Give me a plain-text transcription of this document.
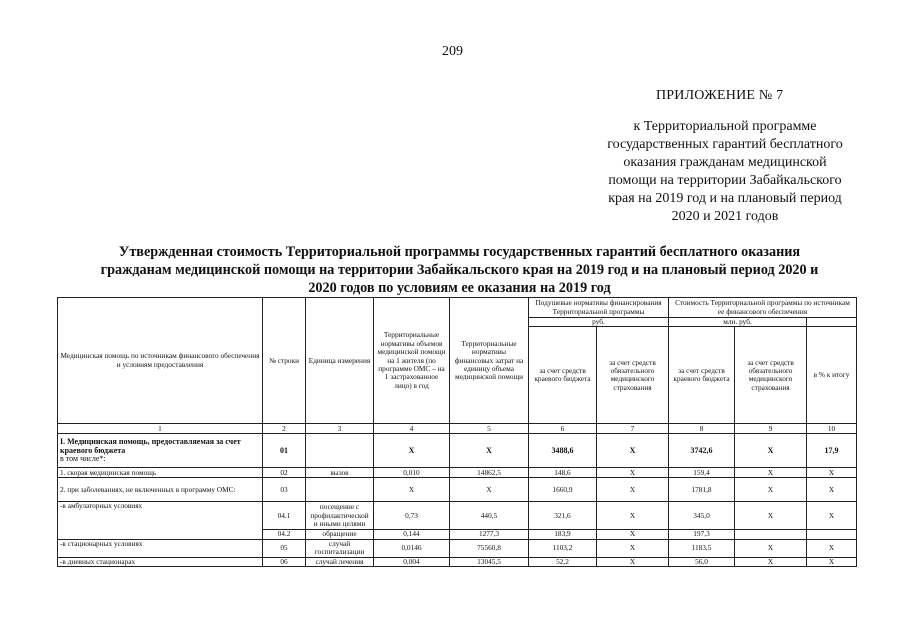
209
ПРИЛОЖЕНИЕ № 7
к Территориальной программе
государственных гарантий бесплатного
оказания гражданам медицинской
помощи на территории Забайкальского
края на 2019 год и на плановый период
2020 и 2021 годов
Утвержденная стоимость Территориальной программы государственных гарантий бесплатного оказания
гражданам медицинской помощи на территории Забайкальского края на 2019 год и на плановый период 2020 и
2020 годов по условиям ее оказания на 2019 год
Медицинская помощь по источникам финансового обеспечения и условиям предоставления	№ строки	Единица измерения	Территориальные нормативы объемов медицинской помощи на 1 жителя (по программе ОМС – на 1 застрахованное лицо) в год	Территориальные нормативы финансовых затрат на единицу объема медицинской помощи	Подушевые нормативы финансирования Территориальной программы		Стоимость Территориальной программы по источникам ее финансового обеспечения		
					руб.		млн. руб.		
					за счет средств краевого бюджета	за счет средств обязательного медицинского страхования	за счет средств краевого бюджета	за счет средств обязательного медицинского страхования	в % к итогу
1	2	3	4	5	6	7	8	9	10
I. Медицинская помощь, предоставляемая за счет краевого бюджета
в том числе*:	01		X	X	3488,6	X	3742,6	X	17,9
1. скорая медицинская помощь	02	вызов	0,010	14862,5	148,6	X	159,4	X	X
2. при заболеваниях, не включенных в программу ОМС:	03		X	X	1660,9	X	1781,8	X	X
-в амбулаторных условиях	04.1	посещение с профилактической и иными целями	0,73	440,5	321,6	X	345,0	X	X
	04.2	обращение	0,144	1277,3	183,9	X	197,3		
-в стационарных условиях	05	случай госпитализации	0,0146	75560,8	1103,2	X	1183,5	X	X
-в дневных стационарах	06	случай лечения	0,004	13045,5	52,2	X	56,0	X	X
